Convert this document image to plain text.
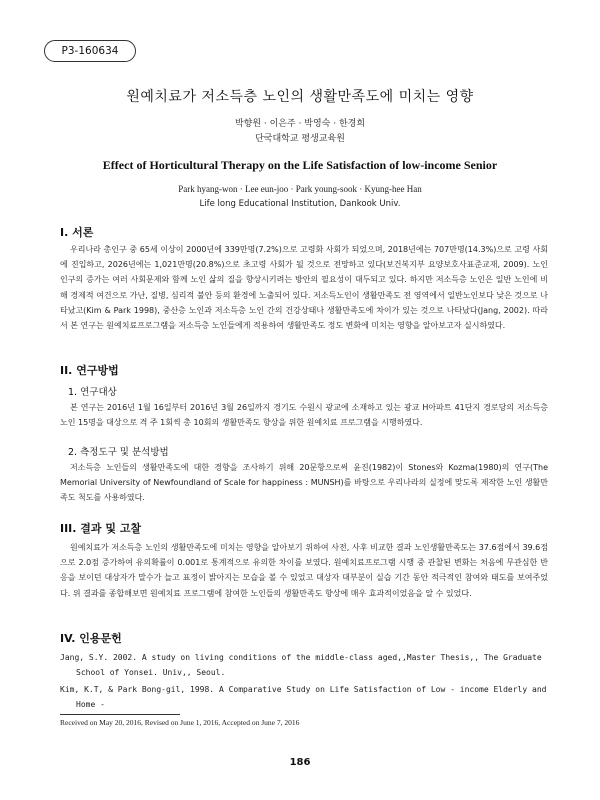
P3-160634
원예치료가 저소득층 노인의 생활만족도에 미치는 영향
박향원 · 이은주 · 박영숙 · 한경희
단국대학교 평생교육원
Effect of Horticultural Therapy on the Life Satisfaction of low-income Senior
Park hyang-won · Lee eun-joo · Park young-sook · Kyung-hee Han
Life long Educational Institution, Dankook Univ.
I. 서론

우리나라 총인구 중 65세 이상이 2000년에 339만명(7.2%)으로 고령화 사회가 되었으며, 2018년에는 707만명(14.3%)으로 고령 사회에 진입하고, 2026년에는 1,021만명(20.8%)으로 초고령 사회가 될 것으로 전망하고 있다(보건복지부 요양보호사표준교재, 2009). 노인 인구의 증가는 여러 사회문제와 함께 노인 삶의 질을 향상시키려는 방안의 필요성이 대두되고 있다. 하지만 저소득층 노인은 일반 노인에 비해 경제적 여건으로 가난, 질병, 심리적 불안 등의 환경에 노출되어 있다. 저소득노인이 생활만족도 전 영역에서 일반노인보다 낮은 것으로 나타났고(Kim & Park 1998), 중산층 노인과 저소득층 노인 간의 건강상태나 생활만족도에 차이가 있는 것으로 나타났다(Jang, 2002). 따라서 본 연구는 원예치료프로그램을 저소득층 노인들에게 적용하여 생활만족도 정도 변화에 미치는 영향을 알아보고자 실시하였다.

II. 연구방법
1. 연구대상

본 연구는 2016년 1월 16일부터 2016년 3월 26일까지 경기도 수원시 광교에 소재하고 있는 광교 H아파트 41단지 경로당의 저소득층 노인 15명을 대상으로 격 주 1회씩 총 10회의 생활만족도 향상을 위한 원예치료 프로그램을 시행하였다.

2. 측정도구 및 분석방법

저소득층 노인들의 생활만족도에 대한 경향을 조사하기 위해 20문항으로써 윤진(1982)이 Stones와 Kozma(1980)의 연구(The Memorial University of Newfoundland of Scale for happiness : MUNSH)를 바탕으로 우리나라의 실정에 맞도록 제작한 노인 생활만족도 척도를 사용하였다.

III. 결과 및 고찰

원예치료가 저소득층 노인의 생활만족도에 미치는 영향을 알아보기 위하여 사전, 사후 비교한 결과 노인생활만족도는 37.6점에서 39.6점으로 2.0점 증가하여 유의확률이 0.001로 통계적으로 유의한 차이를 보였다. 원예치료프로그램 시행 중 관찰된 변화는 처음에 무관심한 반응을 보이던 대상자가 말수가 늘고 표정이 밝아지는 모습을 볼 수 있었고 대상자 대부분이 실습 기간 동안 적극적인 참여와 태도를 보여주었다. 위 결과를 종합해보면 원예치료 프로그램에 참여한 노인들의 생활만족도 향상에 매우 효과적이었음을 알 수 있었다.

IV. 인용문헌

Jang, S.Y. 2002. A study on living conditions of the middle-class aged,,Master Thesis,, The Graduate School of Yonsei. Univ,, Seoul.

Kim, K.T, & Park Bong-gil, 1998. A Comparative Study on Life Satisfaction of Low - income Elderly and Home -

Received on May 20, 2016, Revised on June 1, 2016, Accepted on June 7, 2016
186
